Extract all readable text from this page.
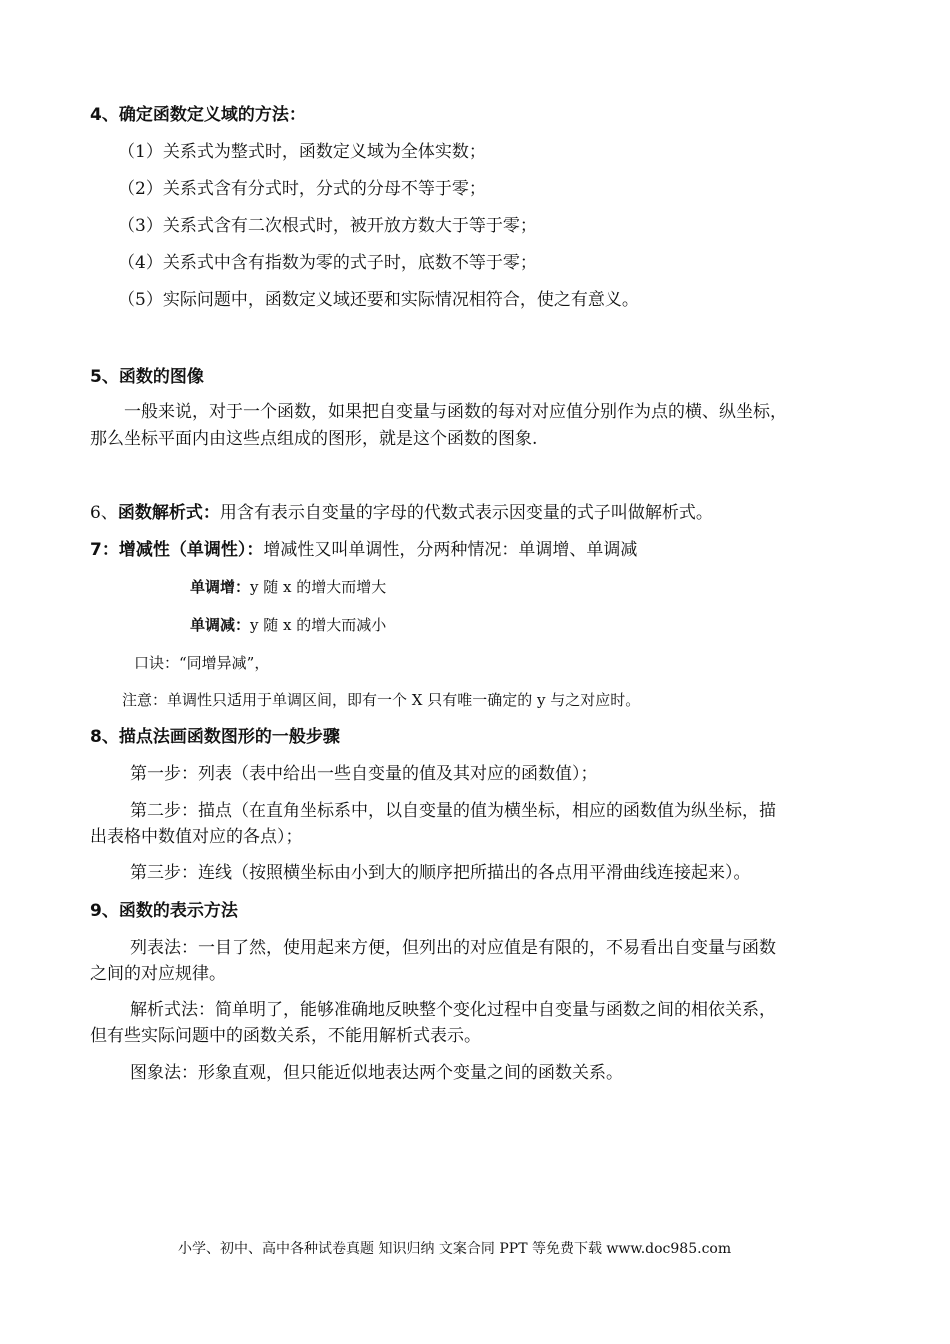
4、确定函数定义域的方法：
（1）关系式为整式时，函数定义域为全体实数；
（2）关系式含有分式时，分式的分母不等于零；
（3）关系式含有二次根式时，被开放方数大于等于零；
（4）关系式中含有指数为零的式子时，底数不等于零；
（5）实际问题中，函数定义域还要和实际情况相符合，使之有意义。
5、函数的图像
一般来说，对于一个函数，如果把自变量与函数的每对对应值分别作为点的横、纵坐标，
那么坐标平面内由这些点组成的图形，就是这个函数的图象.
6、函数解析式：用含有表示自变量的字母的代数式表示因变量的式子叫做解析式。
7：增减性（单调性）：增减性又叫单调性，分两种情况：单调增、单调减
单调增：y 随 x 的增大而增大
单调减：y 随 x 的增大而减小
口诀：“同增异减”，
注意：单调性只适用于单调区间，即有一个 X 只有唯一确定的 y 与之对应时。
8、描点法画函数图形的一般步骤
第一步：列表（表中给出一些自变量的值及其对应的函数值）；
第二步：描点（在直角坐标系中，以自变量的值为横坐标，相应的函数值为纵坐标，描
出表格中数值对应的各点）；
第三步：连线（按照横坐标由小到大的顺序把所描出的各点用平滑曲线连接起来）。
9、函数的表示方法
列表法：一目了然，使用起来方便，但列出的对应值是有限的，不易看出自变量与函数
之间的对应规律。
解析式法：简单明了，能够准确地反映整个变化过程中自变量与函数之间的相依关系，
但有些实际问题中的函数关系，不能用解析式表示。
图象法：形象直观，但只能近似地表达两个变量之间的函数关系。
小学、初中、高中各种试卷真题 知识归纳 文案合同 PPT 等免费下载 www.doc985.com
